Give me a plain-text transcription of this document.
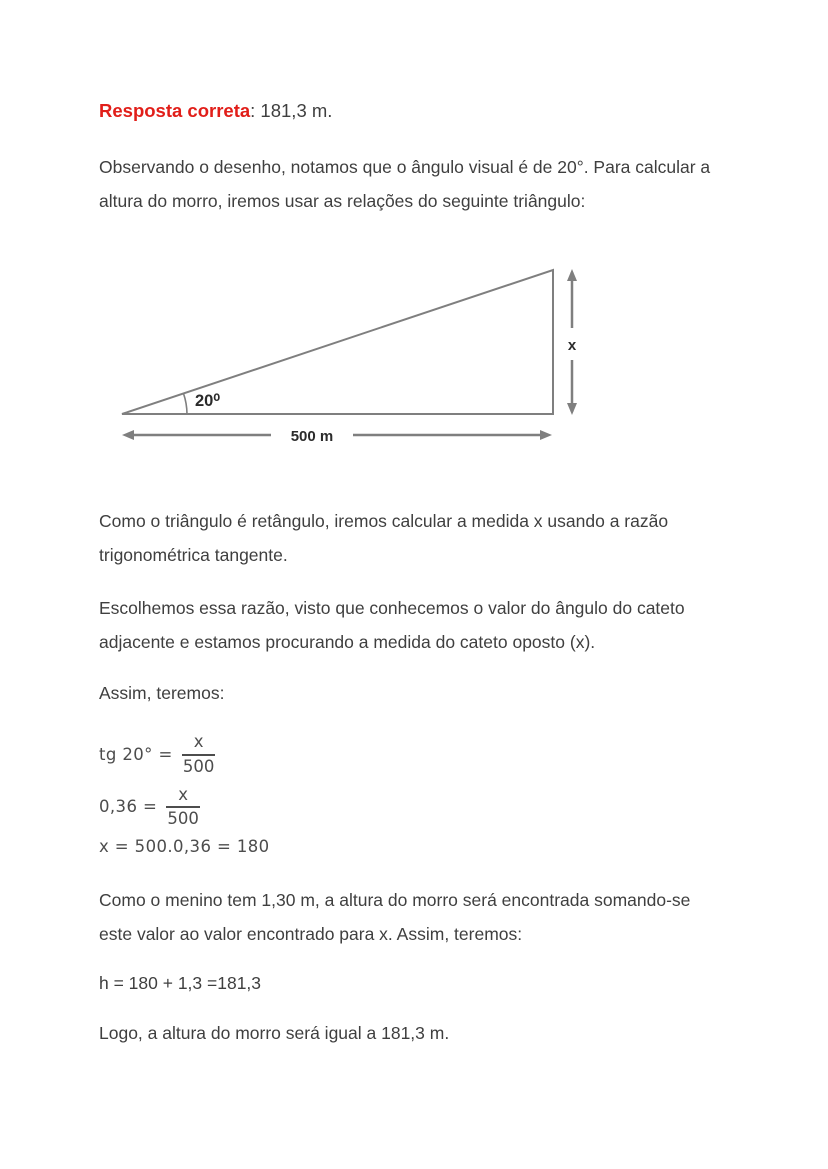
Resposta correta: 181,3 m.
Observando o desenho, notamos que o ângulo visual é de 20°. Para calcular a
altura do morro, iremos usar as relações do seguinte triângulo:
20⁰
x
500 m
Como o triângulo é retângulo, iremos calcular a medida x usando a razão
trigonométrica tangente.
Escolhemos essa razão, visto que conhecemos o valor do ângulo do cateto
adjacente e estamos procurando a medida do cateto oposto (x).
Assim, teremos:
tg $20^\circ = \frac{x}{500}$
$0,36 = \frac{x}{500}$
x = 500.0,36 = 180
Como o menino tem 1,30 m, a altura do morro será encontrada somando-se
este valor ao valor encontrado para x. Assim, teremos:
h = 180 + 1,3 =181,3
Logo, a altura do morro será igual a 181,3 m.
